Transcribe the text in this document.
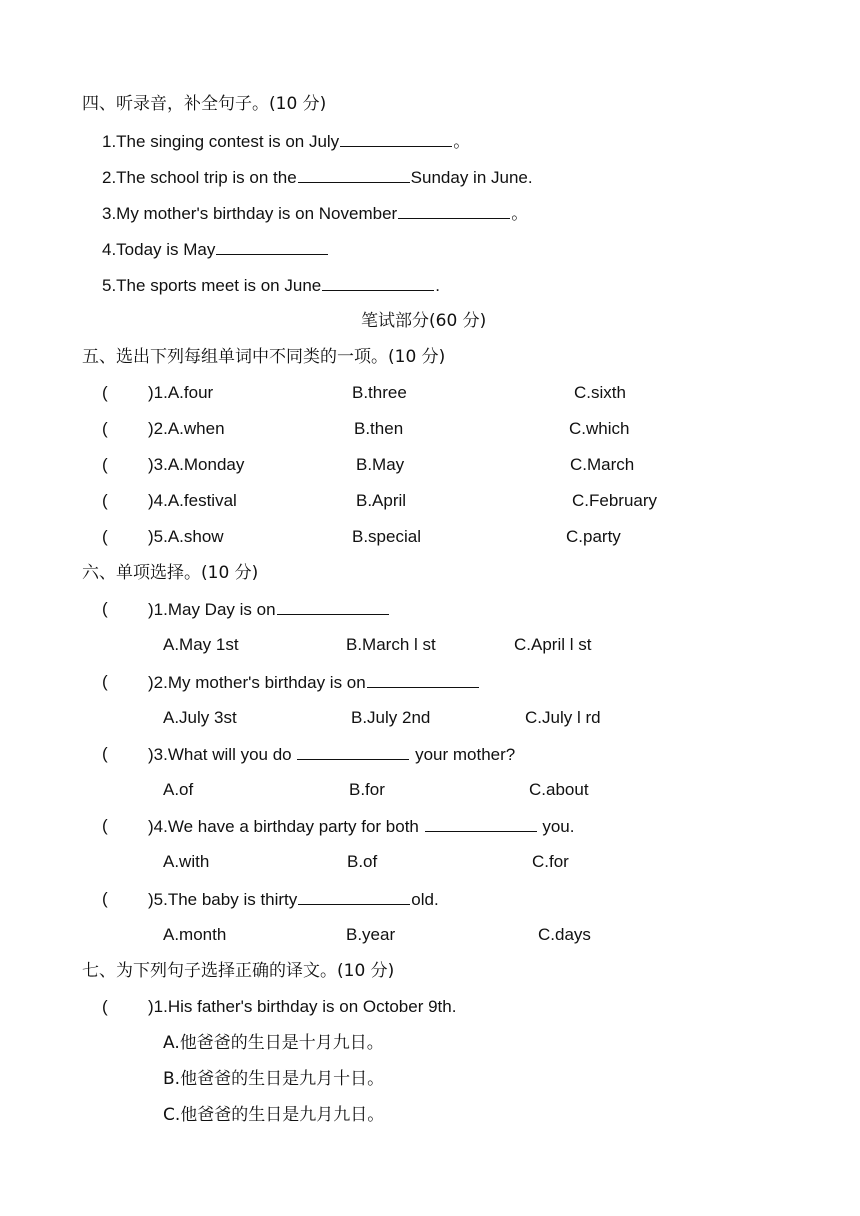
四、听录音，补全句子。(10 分)
1.The singing contest is on July	。
2.The school trip is on the	Sunday in June.
3.My mother's birthday is on November	。
4.Today is May
5.The sports meet is on June	.
笔试部分(60 分)
五、选出下列每组单词中不同类的一项。(10 分)
( )1.A.four	B.three	C.sixth
( )2.A.when	B.then	C.which
( )3.A.Monday	B.May	C.March
( )4.A.festival	B.April	C.February
( )5.A.show	B.special	C.party
六、单项选择。(10 分)
( )1.May Day is on
A.May 1st	B.March l st	C.April l st
( )2.My mother's birthday is on
A.July 3st	B.July 2nd	C.July l rd
( )3.What will you do	your mother?
A.of	B.for	C.about
( )4.We have a birthday party for both	you.
A.with	B.of	C.for
( )5.The baby is thirty	old.
A.month	B.year	C.days
七、为下列句子选择正确的译文。(10 分)
( )1.His father's birthday is on October 9th.
A.他爸爸的生日是十月九日。
B.他爸爸的生日是九月十日。
C.他爸爸的生日是九月九日。
